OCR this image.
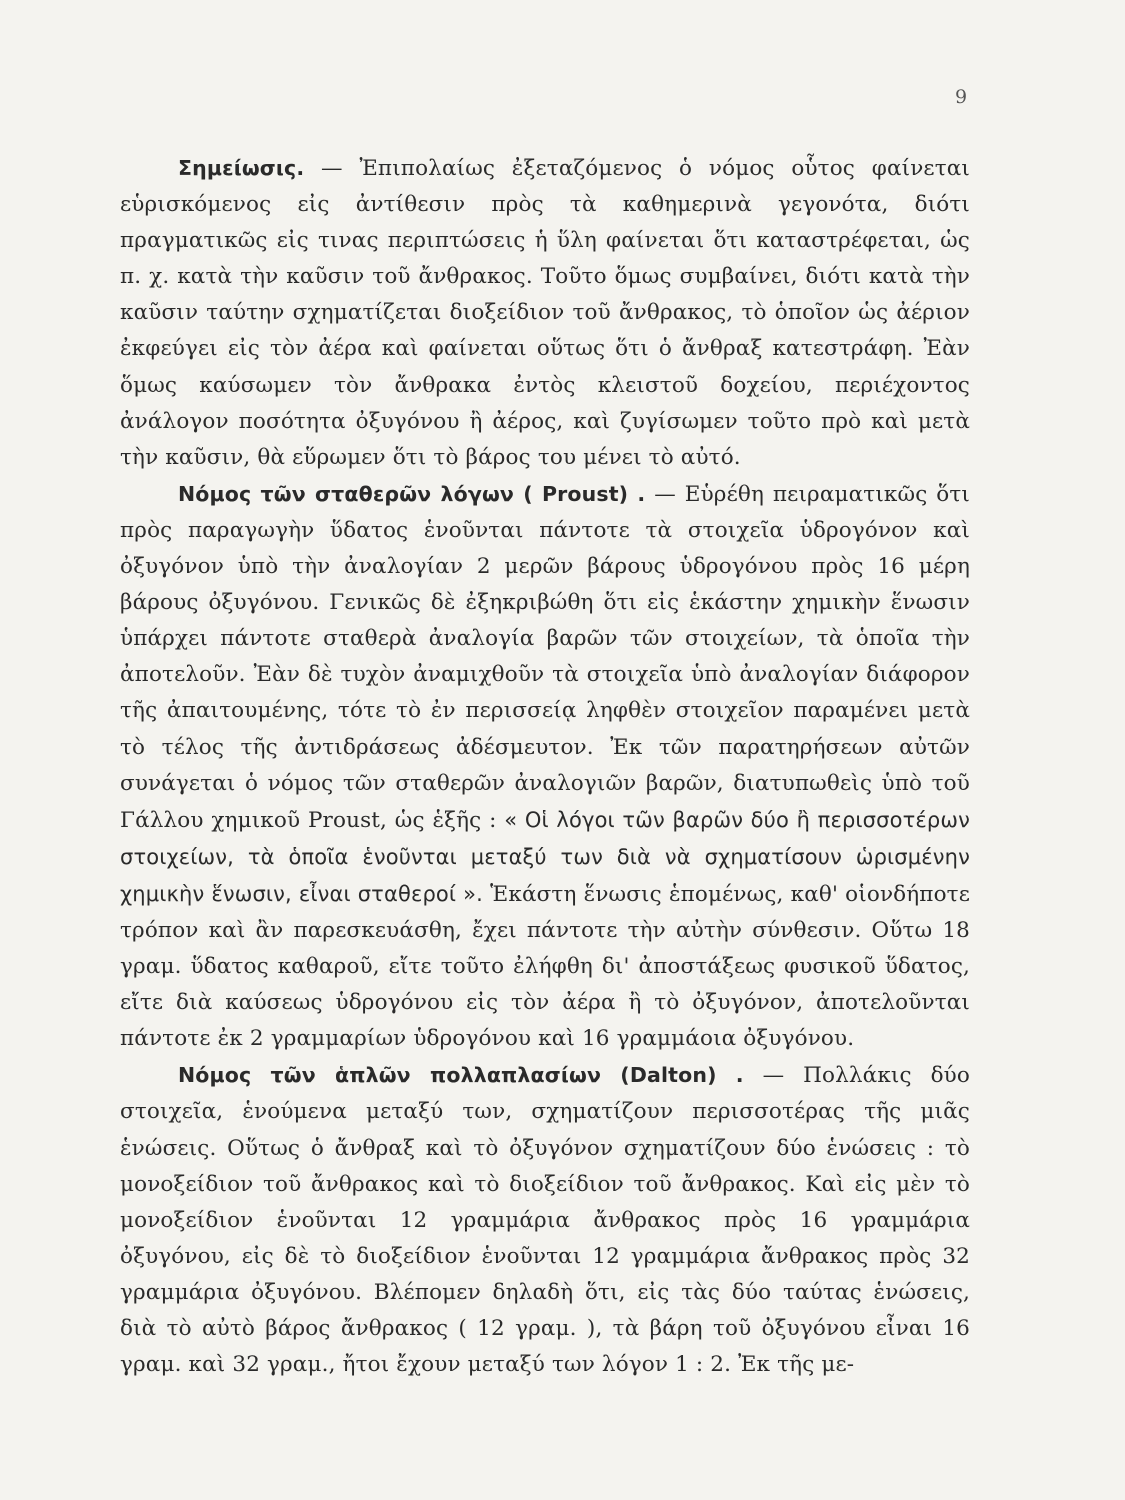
9

Σημείωσις. — Ἐπιπολαίως ἐξεταζόμενος ὁ νόμος οὗτος φαίνεται εὑρισκόμενος εἰς ἀντίθεσιν πρὸς τὰ καθημερινὰ γεγονότα, διότι πραγματικῶς εἰς τινας περιπτώσεις ἡ ὕλη φαίνεται ὅτι καταστρέφεται, ὡς π. χ. κατὰ τὴν καῦσιν τοῦ ἄνθρακος. Τοῦτο ὅμως συμβαίνει, διότι κατὰ τὴν καῦσιν ταύτην σχηματίζεται διοξείδιον τοῦ ἄνθρακος, τὸ ὁποῖον ὡς ἀέριον ἐκφεύγει εἰς τὸν ἀέρα καὶ φαίνεται οὕτως ὅτι ὁ ἄνθραξ κατεστράφη. Ἐὰν ὅμως καύσωμεν τὸν ἄνθρακα ἐντὸς κλειστοῦ δοχείου, περιέχοντος ἀνάλογον ποσότητα ὀξυγόνου ἢ ἀέρος, καὶ ζυγίσωμεν τοῦτο πρὸ καὶ μετὰ τὴν καῦσιν, θὰ εὕρωμεν ὅτι τὸ βάρος του μένει τὸ αὐτό.

Νόμος τῶν σταθερῶν λόγων ( Proust) . — Εὑρέθη πειραματικῶς ὅτι πρὸς παραγωγὴν ὕδατος ἑνοῦνται πάντοτε τὰ στοιχεῖα ὑδρογόνον καὶ ὀξυγόνον ὑπὸ τὴν ἀναλογίαν 2 μερῶν βάρους ὑδρογόνου πρὸς 16 μέρη βάρους ὀξυγόνου. Γενικῶς δὲ ἐξηκριβώθη ὅτι εἰς ἑκάστην χημικὴν ἕνωσιν ὑπάρχει πάντοτε σταθερὰ ἀναλογία βαρῶν τῶν στοιχείων, τὰ ὁποῖα τὴν ἀποτελοῦν. Ἐὰν δὲ τυχὸν ἀναμιχθοῦν τὰ στοιχεῖα ὑπὸ ἀναλογίαν διάφορον τῆς ἀπαιτουμένης, τότε τὸ ἐν περισσείᾳ ληφθὲν στοιχεῖον παραμένει μετὰ τὸ τέλος τῆς ἀντιδράσεως ἀδέσμευτον. Ἐκ τῶν παρατηρήσεων αὐτῶν συνάγεται ὁ νόμος τῶν σταθερῶν ἀναλογιῶν βαρῶν, διατυπωθεὶς ὑπὸ τοῦ Γάλλου χημικοῦ Proust, ὡς ἑξῆς : « Οἱ λόγοι τῶν βαρῶν δύο ἢ περισσοτέρων στοιχείων, τὰ ὁποῖα ἑνοῦνται μεταξύ των διὰ νὰ σχηματίσουν ὡρισμένην χημικὴν ἕνωσιν, εἶναι σταθεροί ». Ἑκάστη ἕνωσις ἑπομένως, καθ' οἱονδήποτε τρόπον καὶ ἂν παρεσκευάσθη, ἔχει πάντοτε τὴν αὐτὴν σύνθεσιν. Οὕτω 18 γραμ. ὕδατος καθαροῦ, εἴτε τοῦτο ἐλήφθη δι' ἀποστάξεως φυσικοῦ ὕδατος, εἴτε διὰ καύσεως ὑδρογόνου εἰς τὸν ἀέρα ἢ τὸ ὀξυγόνον, ἀποτελοῦνται πάντοτε ἐκ 2 γραμμαρίων ὑδρογόνου καὶ 16 γραμμάοια ὀξυγόνου.

Νόμος τῶν ἁπλῶν πολλαπλασίων (Dalton) . — Πολλάκις δύο στοιχεῖα, ἑνούμενα μεταξύ των, σχηματίζουν περισσοτέρας τῆς μιᾶς ἑνώσεις. Οὕτως ὁ ἄνθραξ καὶ τὸ ὀξυγόνον σχηματίζουν δύο ἑνώσεις : τὸ μονοξείδιον τοῦ ἄνθρακος καὶ τὸ διοξείδιον τοῦ ἄνθρακος. Καὶ εἰς μὲν τὸ μονοξείδιον ἑνοῦνται 12 γραμμάρια ἄνθρακος πρὸς 16 γραμμάρια ὀξυγόνου, εἰς δὲ τὸ διοξείδιον ἑνοῦνται 12 γραμμάρια ἄνθρακος πρὸς 32 γραμμάρια ὀξυγόνου. Βλέπομεν δηλαδὴ ὅτι, εἰς τὰς δύο ταύτας ἑνώσεις, διὰ τὸ αὐτὸ βάρος ἄνθρακος ( 12 γραμ. ), τὰ βάρη τοῦ ὀξυγόνου εἶναι 16 γραμ. καὶ 32 γραμ., ἤτοι ἔχουν μεταξύ των λόγον 1 : 2. Ἐκ τῆς με-
